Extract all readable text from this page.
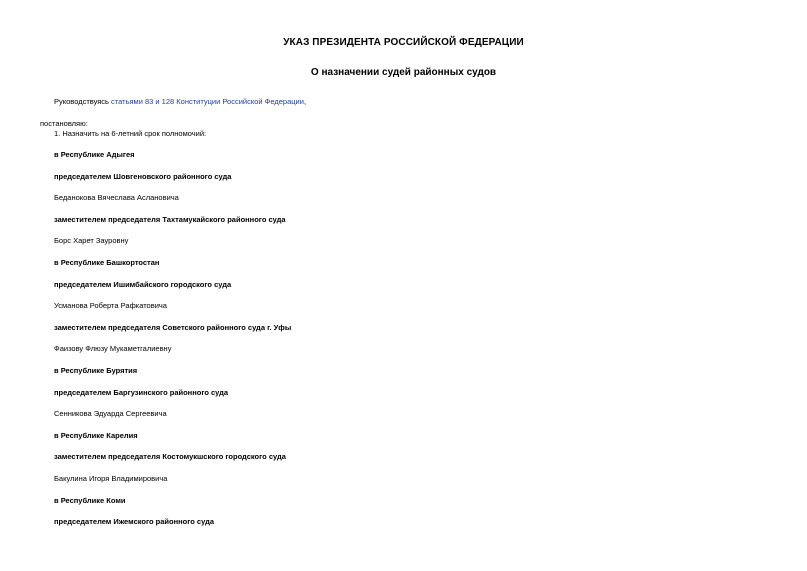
УКАЗ ПРЕЗИДЕНТА РОССИЙСКОЙ ФЕДЕРАЦИИ
О назначении судей районных судов
Руководствуясь статьями 83 и 128 Конституции Российской Федерации,
постановляю:
1. Назначить на 6-летний срок полномочий:
в Республике Адыгея
председателем Шовгеновского районного суда
Беданокова Вячеслава Аслановича
заместителем председателя Тахтамукайского районного суда
Борс Харет Зауровну
в Республике Башкортостан
председателем Ишимбайского городского суда
Усманова Роберта Рафкатовича
заместителем председателя Советского районного суда г. Уфы
Фаизову Флюзу Мукаметгалиевну
в Республике Бурятия
председателем Баргузинского районного суда
Сенникова Эдуарда Сергеевича
в Республике Карелия
заместителем председателя Костомукшского городского суда
Бакулина Игоря Владимировича
в Республике Коми
председателем Ижемского районного суда
